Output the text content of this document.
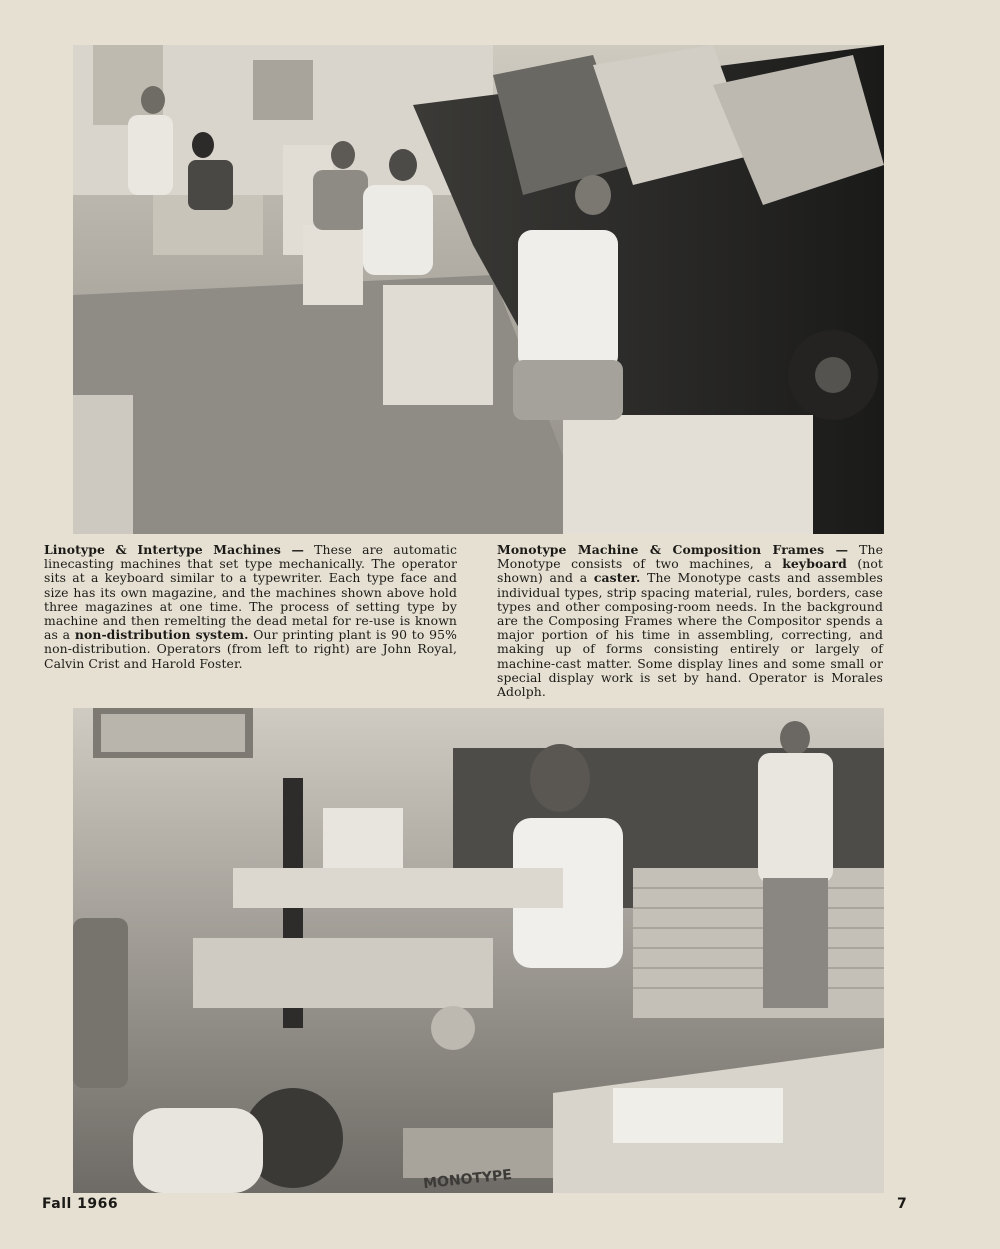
Linotype & Intertype Machines — These are automatic linecasting machines that set type mechanically. The operator sits at a keyboard similar to a typewriter. Each type face and size has its own magazine, and the machines shown above hold three magazines at one time. The process of setting type by machine and then remelting the dead metal for re-use is known as a non-distribution system. Our printing plant is 90 to 95% non-distribution. Operators (from left to right) are John Royal, Calvin Crist and Harold Foster.
Monotype Machine & Composition Frames — The Monotype consists of two machines, a keyboard (not shown) and a caster. The Monotype casts and assembles individual types, strip spacing material, rules, borders, case types and other composing-room needs. In the background are the Composing Frames where the Compositor spends a major portion of his time in assembling, correcting, and making up of forms consisting entirely or largely of machine-cast matter. Some display lines and some small or special display work is set by hand. Operator is Morales Adolph.
MONOTYPE
Fall 1966	7
